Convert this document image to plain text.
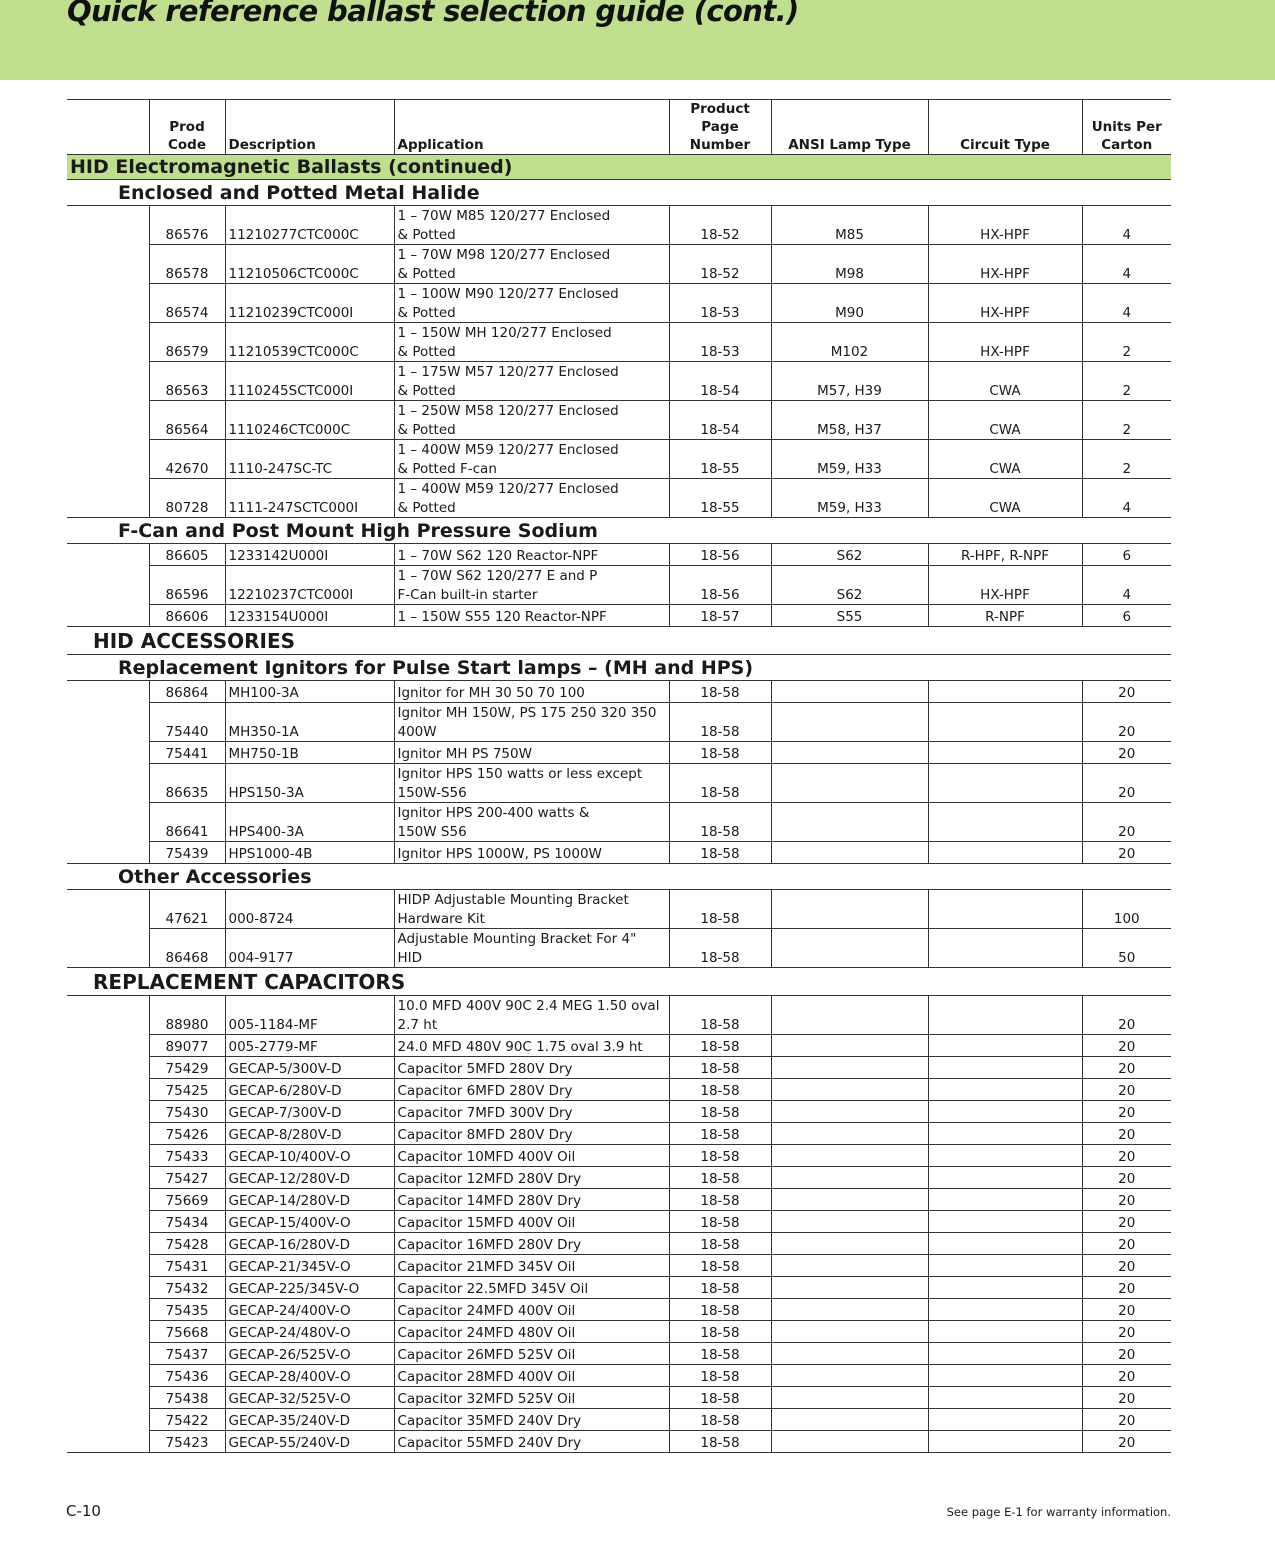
Quick reference ballast selection guide (cont.)
	Prod Code	Description	Application	Product Page Number	ANSI Lamp Type	Circuit Type	Units Per Carton
HID Electromagnetic Ballasts (continued)							
Enclosed and Potted Metal Halide							
	86576	11210277CTC000C	1 – 70W M85 120/277 Enclosed
& Potted	18-52	M85	HX-HPF	4
	86578	11210506CTC000C	1 – 70W M98 120/277 Enclosed
& Potted	18-52	M98	HX-HPF	4
	86574	11210239CTC000I	1 – 100W M90 120/277 Enclosed
& Potted	18-53	M90	HX-HPF	4
	86579	11210539CTC000C	1 – 150W MH 120/277 Enclosed
& Potted	18-53	M102	HX-HPF	2
	86563	1110245SCTC000I	1 – 175W M57 120/277 Enclosed
& Potted	18-54	M57, H39	CWA	2
	86564	1110246CTC000C	1 – 250W M58 120/277 Enclosed
& Potted	18-54	M58, H37	CWA	2
	42670	1110-247SC-TC	1 – 400W M59 120/277 Enclosed
& Potted F-can	18-55	M59, H33	CWA	2
	80728	1111-247SCTC000I	1 – 400W M59 120/277 Enclosed
& Potted	18-55	M59, H33	CWA	4
F-Can and Post Mount High Pressure Sodium							
	86605	1233142U000I	1 – 70W S62 120 Reactor-NPF	18-56	S62	R-HPF, R-NPF	6
	86596	12210237CTC000I	1 – 70W S62 120/277 E and P
F-Can built-in starter	18-56	S62	HX-HPF	4
	86606	1233154U000I	1 – 150W S55 120 Reactor-NPF	18-57	S55	R-NPF	6
HID ACCESSORIES							
Replacement Ignitors for Pulse Start lamps – (MH and HPS)							
	86864	MH100-3A	Ignitor for MH 30 50 70 100	18-58			20
	75440	MH350-1A	Ignitor MH 150W, PS 175 250 320 350
400W	18-58			20
	75441	MH750-1B	Ignitor MH PS 750W	18-58			20
	86635	HPS150-3A	Ignitor HPS 150 watts or less except
150W-S56	18-58			20
	86641	HPS400-3A	Ignitor HPS 200-400 watts &
150W S56	18-58			20
	75439	HPS1000-4B	Ignitor HPS 1000W, PS 1000W	18-58			20
Other Accessories							
	47621	000-8724	HIDP Adjustable Mounting Bracket
Hardware Kit	18-58			100
	86468	004-9177	Adjustable Mounting Bracket For 4"
HID	18-58			50
REPLACEMENT CAPACITORS							
	88980	005-1184-MF	10.0 MFD 400V 90C 2.4 MEG 1.50 oval
2.7 ht	18-58			20
	89077	005-2779-MF	24.0 MFD 480V 90C 1.75 oval 3.9 ht	18-58			20
	75429	GECAP-5/300V-D	Capacitor 5MFD 280V Dry	18-58			20
	75425	GECAP-6/280V-D	Capacitor 6MFD 280V Dry	18-58			20
	75430	GECAP-7/300V-D	Capacitor 7MFD 300V Dry	18-58			20
	75426	GECAP-8/280V-D	Capacitor 8MFD 280V Dry	18-58			20
	75433	GECAP-10/400V-O	Capacitor 10MFD 400V Oil	18-58			20
	75427	GECAP-12/280V-D	Capacitor 12MFD 280V Dry	18-58			20
	75669	GECAP-14/280V-D	Capacitor 14MFD 280V Dry	18-58			20
	75434	GECAP-15/400V-O	Capacitor 15MFD 400V Oil	18-58			20
	75428	GECAP-16/280V-D	Capacitor 16MFD 280V Dry	18-58			20
	75431	GECAP-21/345V-O	Capacitor 21MFD 345V Oil	18-58			20
	75432	GECAP-225/345V-O	Capacitor 22.5MFD 345V Oil	18-58			20
	75435	GECAP-24/400V-O	Capacitor 24MFD 400V Oil	18-58			20
	75668	GECAP-24/480V-O	Capacitor 24MFD 480V Oil	18-58			20
	75437	GECAP-26/525V-O	Capacitor 26MFD 525V Oil	18-58			20
	75436	GECAP-28/400V-O	Capacitor 28MFD 400V Oil	18-58			20
	75438	GECAP-32/525V-O	Capacitor 32MFD 525V Oil	18-58			20
	75422	GECAP-35/240V-D	Capacitor 35MFD 240V Dry	18-58			20
	75423	GECAP-55/240V-D	Capacitor 55MFD 240V Dry	18-58			20
C-10	See page E-1 for warranty information.
